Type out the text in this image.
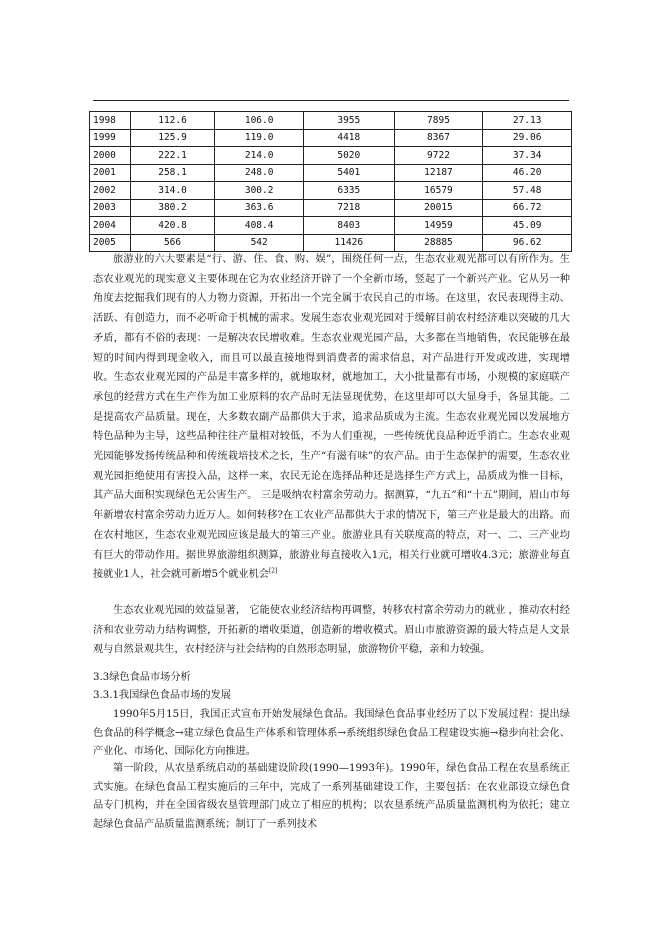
1998	112.6	106.0	3955	7895	27.13
1999	125.9	119.0	4418	8367	29.06
2000	222.1	214.0	5020	9722	37.34
2001	258.1	248.0	5401	12187	46.20
2002	314.0	300.2	6335	16579	57.48
2003	380.2	363.6	7218	20015	66.72
2004	420.8	408.4	8403	14959	45.09
2005	566	542	11426	28885	96.62

旅游业的六大要素是“行、游、住、食、购、娱”，围绕任何一点，生态农业观光都可以有所作为。生态农业观光的现实意义主要体现在它为农业经济开辟了一个全新市场，竖起了一个新兴产业。它从另一种角度去挖掘我们现有的人力物力资源，开拓出一个完全属于农民自己的市场。在这里，农民表现得主动、活跃、有创造力，而不必听命于机械的需求。发展生态农业观光园对于缓解目前农村经济难以突破的几大矛盾，都有不俗的表现：一是解决农民增收难。生态农业观光园产品，大多都在当地销售，农民能够在最短的时间内得到现金收入，而且可以最直接地得到消费者的需求信息，对产品进行开发或改进，实现增收。生态农业观光园的产品是丰富多样的，就地取材，就地加工，大小批量都有市场，小规模的家庭联产承包的经营方式在生产作为加工业原料的农产品时无法显现优势，在这里却可以大显身手，各显其能。二是提高农产品质量。现在，大多数农副产品都供大于求，追求品质成为主流。生态农业观光园以发展地方特色品种为主导，这些品种往往产量相对较低，不为人们重视，一些传统优良品种近乎消亡。生态农业观光园能够发扬传统品种和传统栽培技术之长，生产“有滋有味”的农产品。由于生态保护的需要，生态农业观光园拒绝使用有害投入品，这样一来，农民无论在选择品种还是选择生产方式上，品质成为惟一目标，其产品大面积实现绿色无公害生产。 三是吸纳农村富余劳动力。据测算，“九五”和“十五”期间，眉山市每年新增农村富余劳动力近万人。如何转移?在工农业产品都供大于求的情况下，第三产业是最大的出路。而在农村地区，生态农业观光园应该是最大的第三产业。旅游业具有关联度高的特点，对一、二、三产业均有巨大的带动作用。据世界旅游组织测算，旅游业每直接收入1元，相关行业就可增收4.3元；旅游业每直接就业1人，社会就可新增5个就业机会[2]

生态农业观光园的效益显著， 它能使农业经济结构再调整，转移农村富余劳动力的就业 ，推动农村经济和农业劳动力结构调整，开拓新的增收渠道，创造新的增收模式。眉山市旅游资源的最大特点是人文景观与自然景观共生，农村经济与社会结构的自然形态明显，旅游物价平稳，亲和力较强。

3.3绿色食品市场分析

3.3.1我国绿色食品市场的发展

1990年5月15日，我国正式宣布开始发展绿色食品。我国绿色食品事业经历了以下发展过程：提出绿色食品的科学概念→建立绿色食品生产体系和管理体系→系统组织绿色食品工程建设实施→稳步向社会化、产业化、市场化、国际化方向推进。

第一阶段，从农垦系统启动的基础建设阶段(1990—1993年)。1990年，绿色食品工程在农垦系统正式实施。在绿色食品工程实施后的三年中，完成了一系列基础建设工作，主要包括：在农业部设立绿色食品专门机构，并在全国省级农垦管理部门成立了相应的机构；以农垦系统产品质量监测机构为依托；建立起绿色食品产品质量监测系统；制订了一系列技术
